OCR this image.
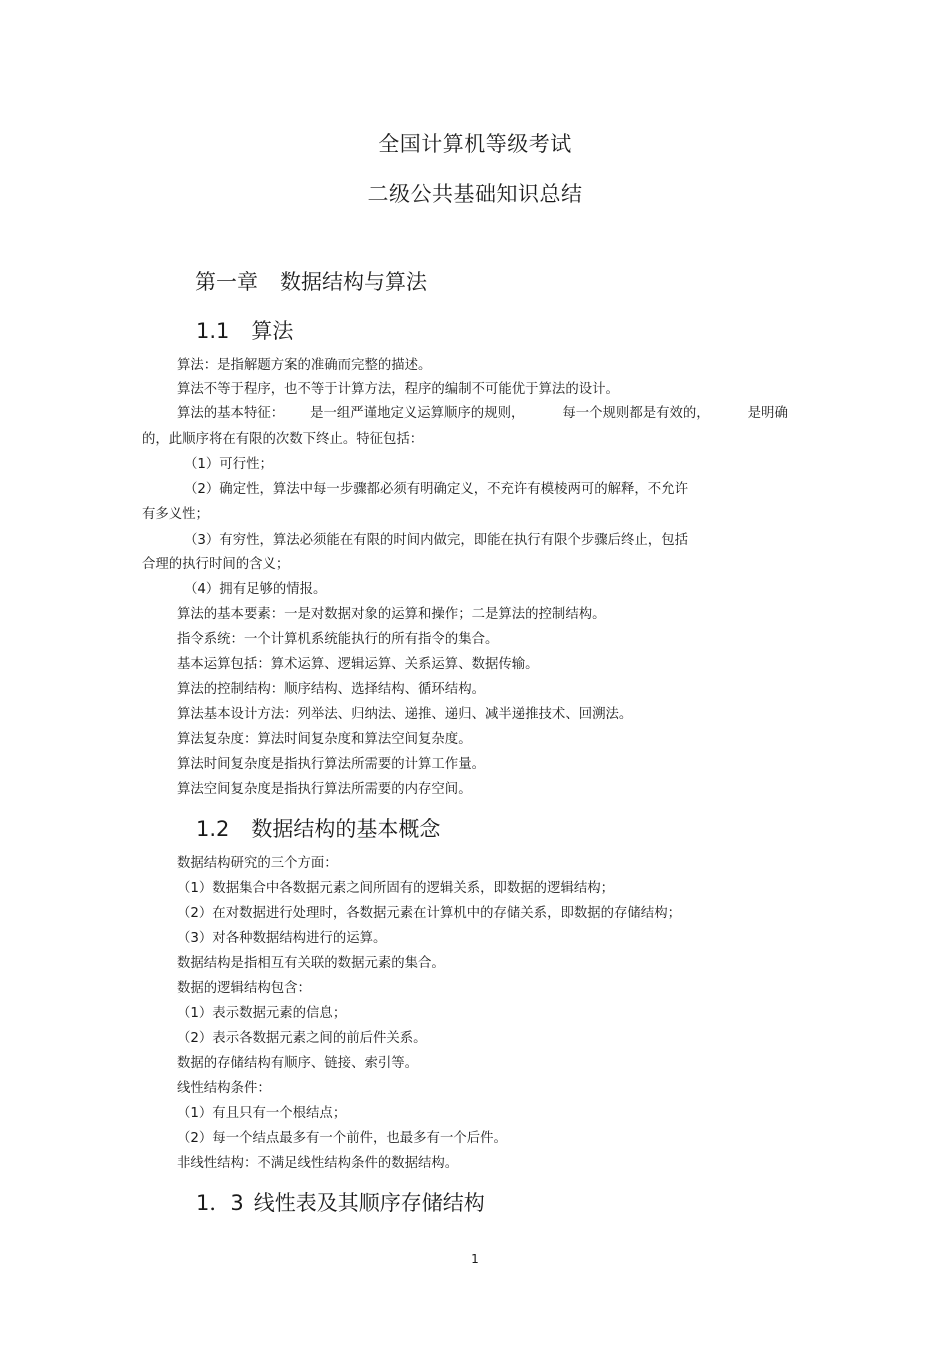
全国计算机等级考试
二级公共基础知识总结
第一章 数据结构与算法
1.1 算法

算法：是指解题方案的准确而完整的描述。

算法不等于程序，也不等于计算方法，程序的编制不可能优于算法的设计。

算法的基本特征： 是一组严谨地定义运算顺序的规则，	每一个规则都是有效的，	是明确

的，此顺序将在有限的次数下终止。特征包括：

（1）可行性；

（2）确定性，算法中每一步骤都必须有明确定义，不充许有模棱两可的解释，不允许

有多义性；

（3）有穷性，算法必须能在有限的时间内做完，即能在执行有限个步骤后终止，包括

合理的执行时间的含义；

（4）拥有足够的情报。

算法的基本要素：一是对数据对象的运算和操作；二是算法的控制结构。

指令系统：一个计算机系统能执行的所有指令的集合。

基本运算包括：算术运算、逻辑运算、关系运算、数据传输。

算法的控制结构：顺序结构、选择结构、循环结构。

算法基本设计方法：列举法、归纳法、递推、递归、减半递推技术、回溯法。

算法复杂度：算法时间复杂度和算法空间复杂度。

算法时间复杂度是指执行算法所需要的计算工作量。

算法空间复杂度是指执行算法所需要的内存空间。

1.2 数据结构的基本概念

数据结构研究的三个方面：

（1）数据集合中各数据元素之间所固有的逻辑关系，即数据的逻辑结构；

（2）在对数据进行处理时，各数据元素在计算机中的存储关系，即数据的存储结构；

（3）对各种数据结构进行的运算。

数据结构是指相互有关联的数据元素的集合。

数据的逻辑结构包含：

（1）表示数据元素的信息；

（2）表示各数据元素之间的前后件关系。

数据的存储结构有顺序、链接、索引等。

线性结构条件：

（1）有且只有一个根结点；

（2）每一个结点最多有一个前件，也最多有一个后件。

非线性结构：不满足线性结构条件的数据结构。

1．3 线性表及其顺序存储结构
1
